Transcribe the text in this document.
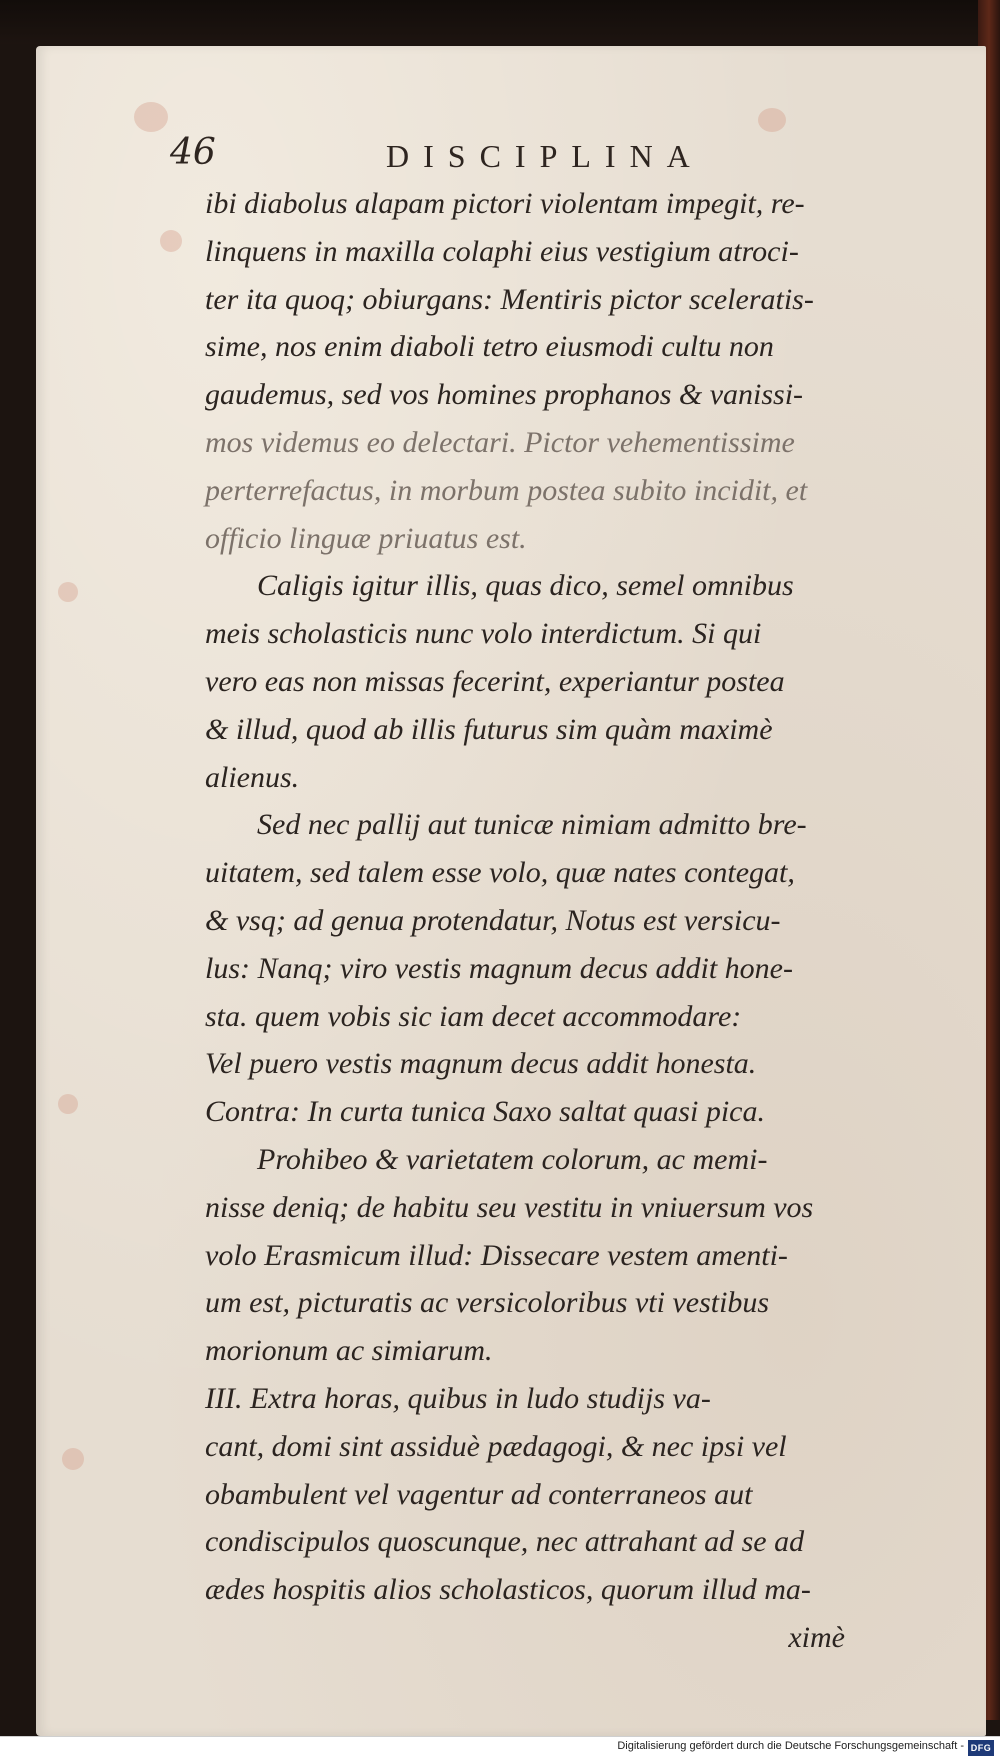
46	DISCIPLINA
ibi diabolus alapam pictori violentam impegit, re-
linquens in maxilla colaphi eius vestigium atroci-
ter ita quoq; obiurgans: Mentiris pictor sceleratis-
sime, nos enim diaboli tetro eiusmodi cultu non
gaudemus, sed vos homines prophanos & vanissi-
mos videmus eo delectari. Pictor vehementissime
perterrefactus, in morbum postea subito incidit, et
officio linguæ priuatus est.
Caligis igitur illis, quas dico, semel omnibus
meis scholasticis nunc volo interdictum. Si qui
vero eas non missas fecerint, experiantur postea
& illud, quod ab illis futurus sim quàm maximè
alienus.
Sed nec pallij aut tunicæ nimiam admitto bre-
uitatem, sed talem esse volo, quæ nates contegat,
& vsq; ad genua protendatur, Notus est versicu-
lus: Nanq; viro vestis magnum decus addit hone-
sta. quem vobis sic iam decet accommodare:
Vel puero vestis magnum decus addit honesta.
Contra: In curta tunica Saxo saltat quasi pica.
Prohibeo & varietatem colorum, ac memi-
nisse deniq; de habitu seu vestitu in vniuersum vos
volo Erasmicum illud: Dissecare vestem amenti-
um est, picturatis ac versicoloribus vti vestibus
morionum ac simiarum.
III. Extra horas, quibus in ludo studijs va-
cant, domi sint assiduè pædagogi, & nec ipsi vel
obambulent vel vagentur ad conterraneos aut
condiscipulos quoscunque, nec attrahant ad se ad
ædes hospitis alios scholasticos, quorum illud ma-
ximè
Digitalisierung gefördert durch die Deutsche Forschungsgemeinschaft - DFG
